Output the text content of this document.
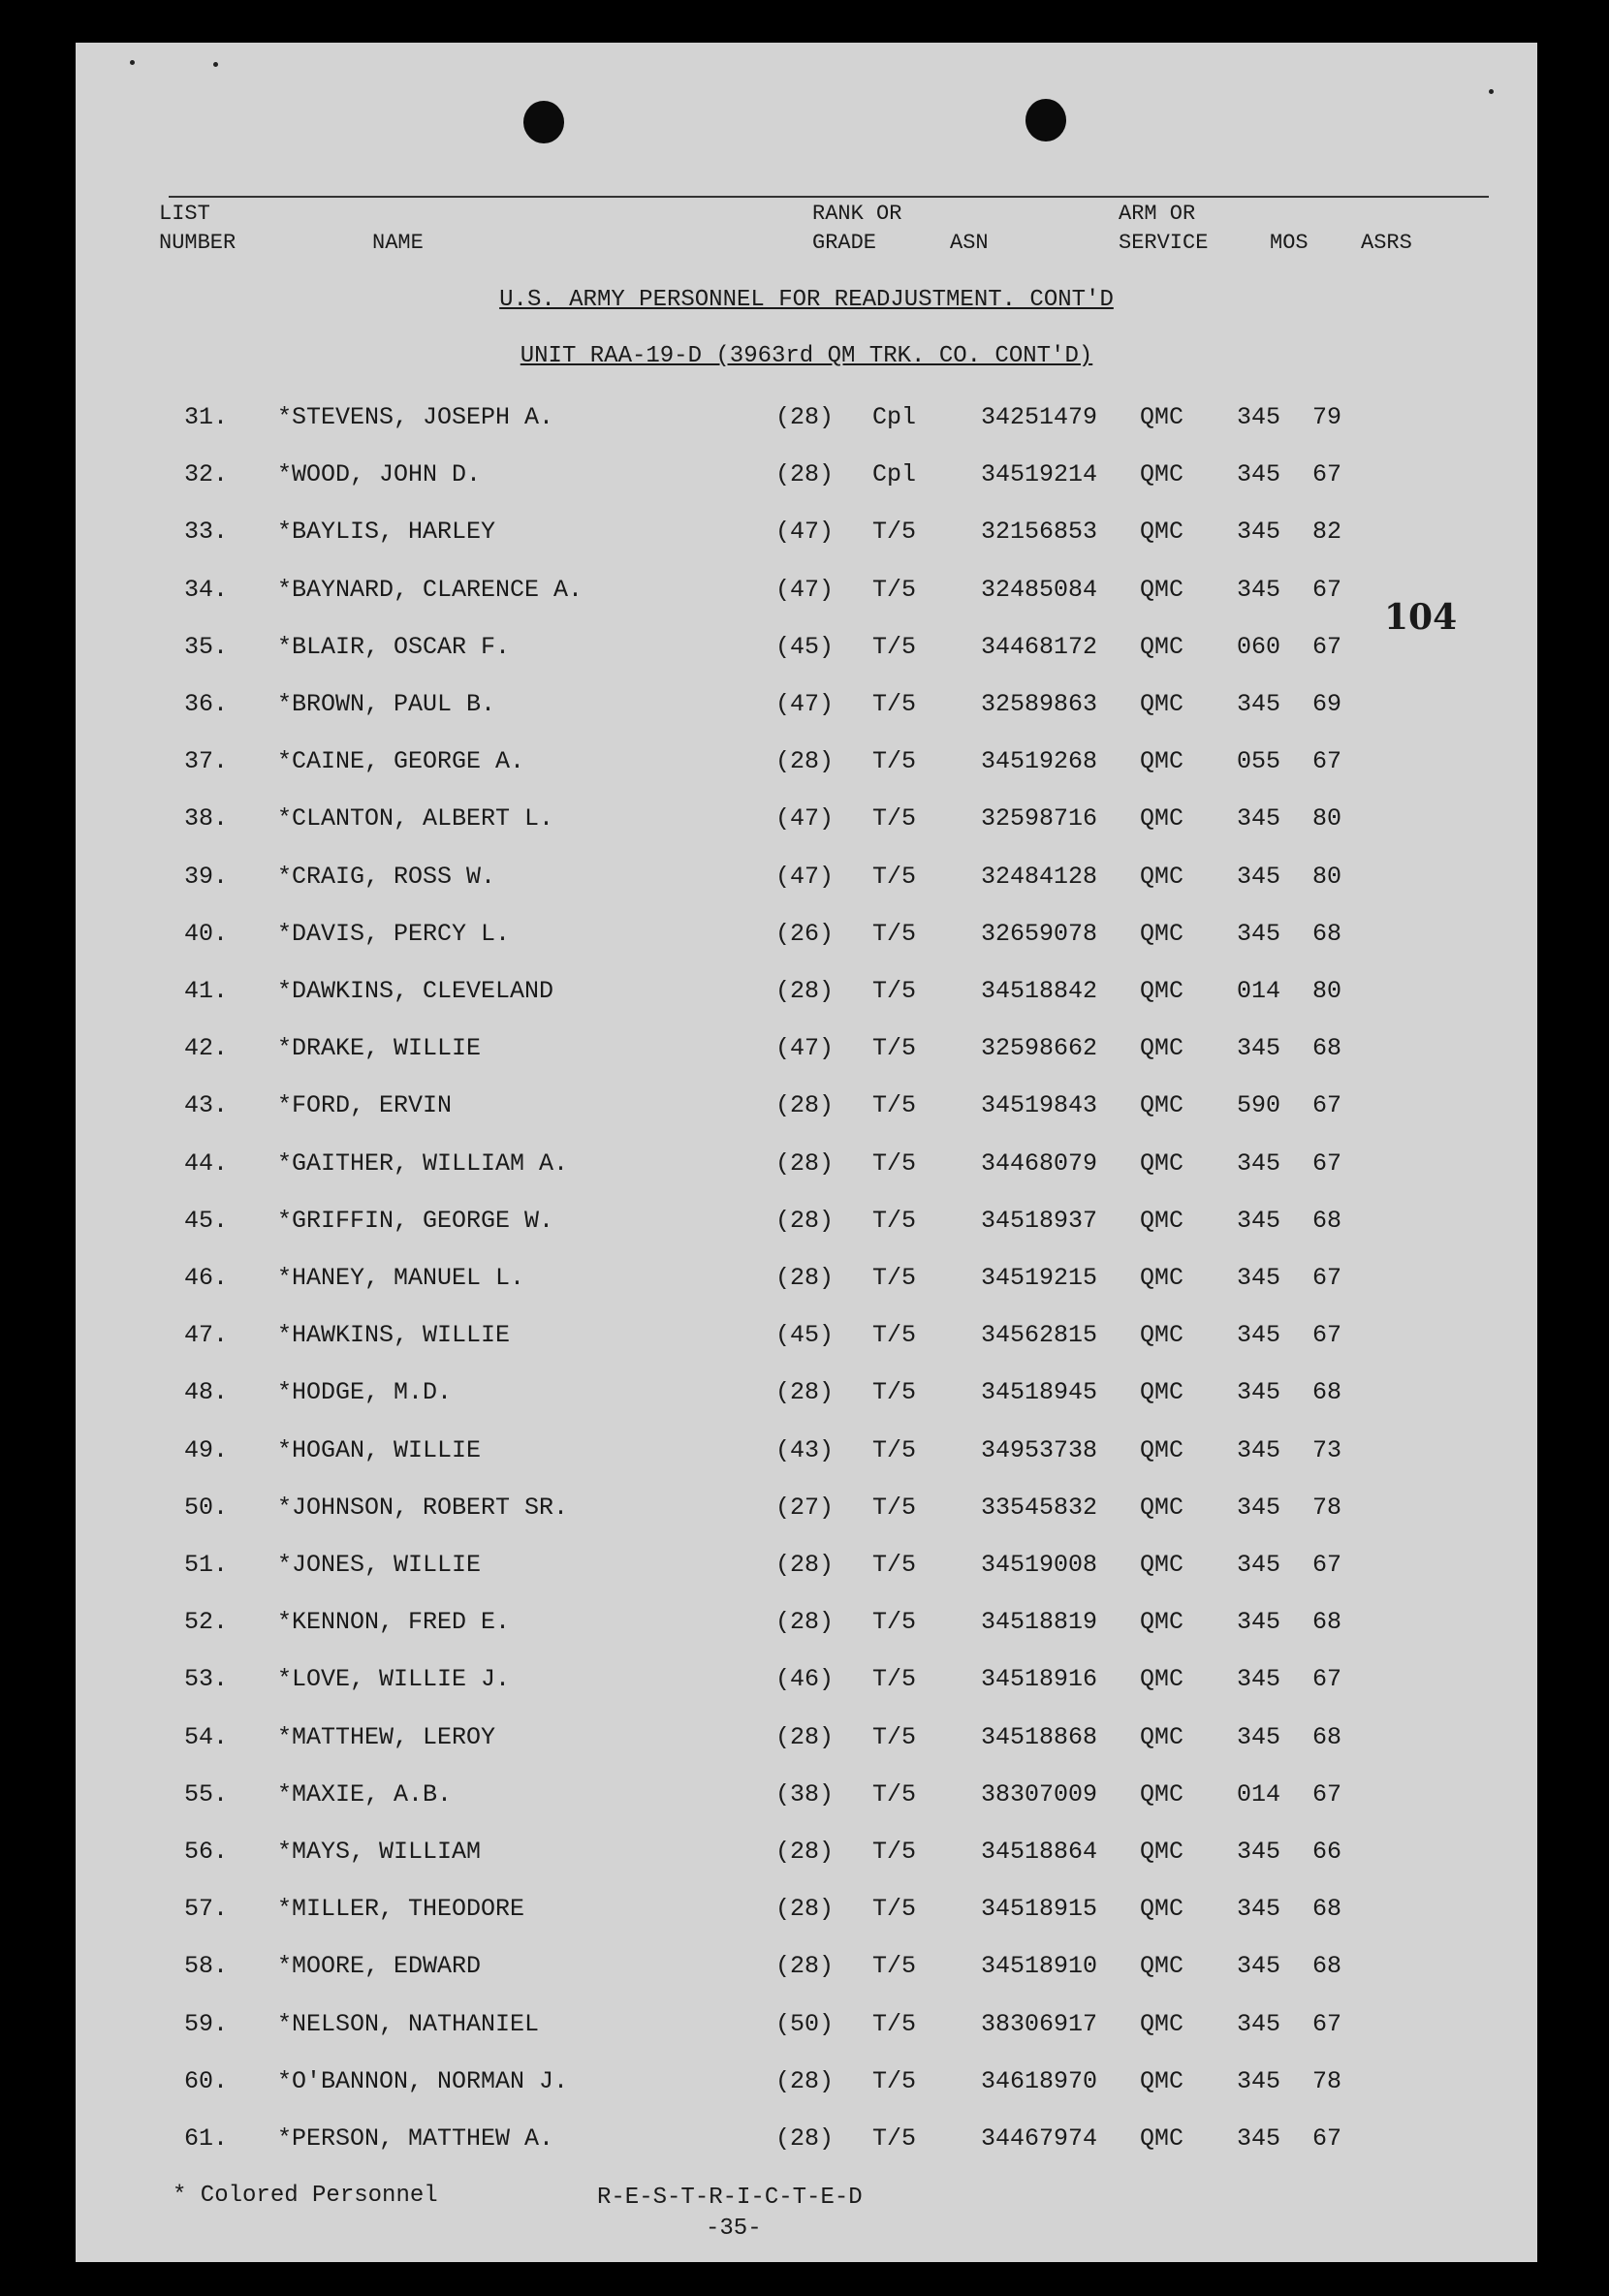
LIST
NUMBER	NAME
RANK OR
GRADE	ASN
ARM OR
SERVICE	MOS ASRS
U.S. ARMY PERSONNEL FOR READJUSTMENT. CONT'D
UNIT RAA-19-D (3963rd QM TRK. CO. CONT'D)
104
31. *STEVENS, JOSEPH A.	(28) Cpl	34251479 QMC 345 79
32. *WOOD, JOHN D.	(28) Cpl	34519214 QMC 345 67
33. *BAYLIS, HARLEY	(47) T/5	32156853 QMC 345 82
34. *BAYNARD, CLARENCE A.	(47) T/5	32485084 QMC 345 67
35. *BLAIR, OSCAR F.	(45) T/5	34468172 QMC 060 67
36. *BROWN, PAUL B.	(47) T/5	32589863 QMC 345 69
37. *CAINE, GEORGE A.	(28) T/5	34519268 QMC 055 67
38. *CLANTON, ALBERT L.	(47) T/5	32598716 QMC 345 80
39. *CRAIG, ROSS W.	(47) T/5	32484128 QMC 345 80
40. *DAVIS, PERCY L.	(26) T/5	32659078 QMC 345 68
41. *DAWKINS, CLEVELAND	(28) T/5	34518842 QMC 014 80
42. *DRAKE, WILLIE	(47) T/5	32598662 QMC 345 68
43. *FORD, ERVIN	(28) T/5	34519843 QMC 590 67
44. *GAITHER, WILLIAM A.	(28) T/5	34468079 QMC 345 67
45. *GRIFFIN, GEORGE W.	(28) T/5	34518937 QMC 345 68
46. *HANEY, MANUEL L.	(28) T/5	34519215 QMC 345 67
47. *HAWKINS, WILLIE	(45) T/5	34562815 QMC 345 67
48. *HODGE, M.D.	(28) T/5	34518945 QMC 345 68
49. *HOGAN, WILLIE	(43) T/5	34953738 QMC 345 73
50. *JOHNSON, ROBERT SR.	(27) T/5	33545832 QMC 345 78
51. *JONES, WILLIE	(28) T/5	34519008 QMC 345 67
52. *KENNON, FRED E.	(28) T/5	34518819 QMC 345 68
53. *LOVE, WILLIE J.	(46) T/5	34518916 QMC 345 67
54. *MATTHEW, LEROY	(28) T/5	34518868 QMC 345 68
55. *MAXIE, A.B.	(38) T/5	38307009 QMC 014 67
56. *MAYS, WILLIAM	(28) T/5	34518864 QMC 345 66
57. *MILLER, THEODORE	(28) T/5	34518915 QMC 345 68
58. *MOORE, EDWARD	(28) T/5	34518910 QMC 345 68
59. *NELSON, NATHANIEL	(50) T/5	38306917 QMC 345 67
60. *O'BANNON, NORMAN J.	(28) T/5	34618970 QMC 345 78
61. *PERSON, MATTHEW A.	(28) T/5	34467974 QMC 345 67
* Colored Personnel	R-E-S-T-R-I-C-T-E-D
-35-
